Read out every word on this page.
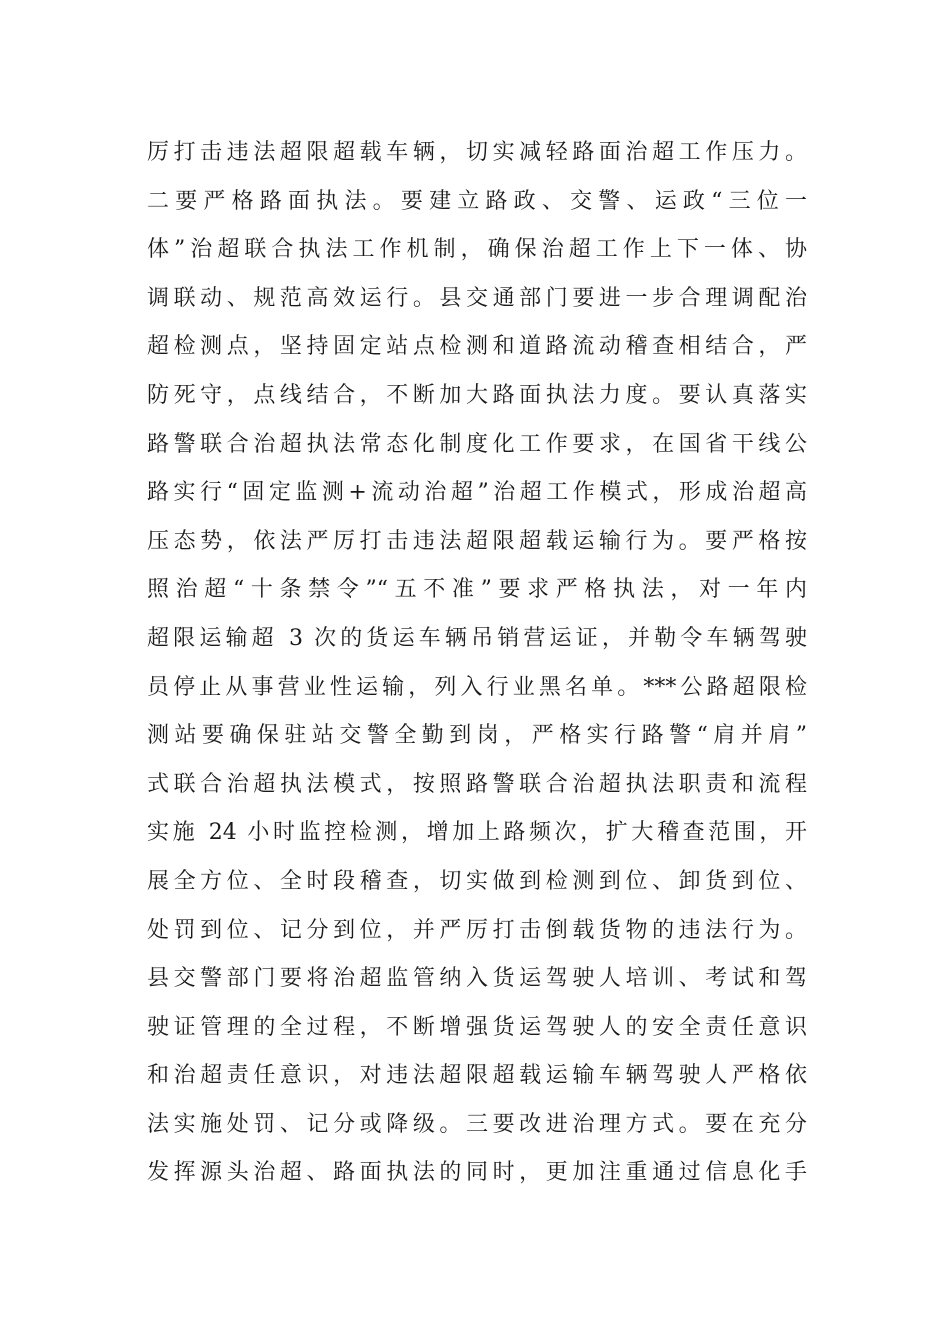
厉打击违法超限超载车辆，切实减轻路面治超工作压力。
二要严格路面执法。要建立路政、交警、运政“三位一
体”治超联合执法工作机制，确保治超工作上下一体、协
调联动、规范高效运行。县交通部门要进一步合理调配治
超检测点，坚持固定站点检测和道路流动稽查相结合，严
防死守，点线结合，不断加大路面执法力度。要认真落实
路警联合治超执法常态化制度化工作要求，在国省干线公
路实行“固定监测+流动治超”治超工作模式，形成治超高
压态势，依法严厉打击违法超限超载运输行为。要严格按
照治超“十条禁令”“五不准”要求严格执法，对一年内
超限运输超 3 次的货运车辆吊销营运证，并勒令车辆驾驶
员停止从事营业性运输，列入行业黑名单。***公路超限检
测站要确保驻站交警全勤到岗，严格实行路警“肩并肩”
式联合治超执法模式，按照路警联合治超执法职责和流程
实施 24 小时监控检测，增加上路频次，扩大稽查范围，开
展全方位、全时段稽查，切实做到检测到位、卸货到位、
处罚到位、记分到位，并严厉打击倒载货物的违法行为。
县交警部门要将治超监管纳入货运驾驶人培训、考试和驾
驶证管理的全过程，不断增强货运驾驶人的安全责任意识
和治超责任意识，对违法超限超载运输车辆驾驶人严格依
法实施处罚、记分或降级。三要改进治理方式。要在充分
发挥源头治超、路面执法的同时，更加注重通过信息化手
